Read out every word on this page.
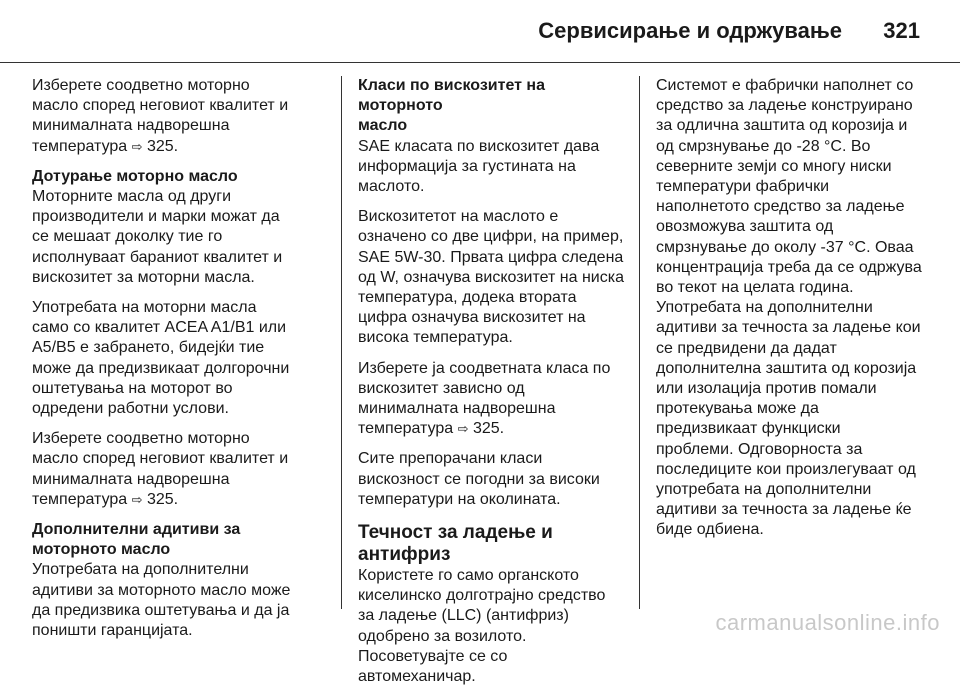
Сервисирање и одржување 321

Изберете соодветно моторно
масло според неговиот квалитет и
минималната надворешна
температура ⇨ 325.

Дотурање моторно масло

Моторните масла од други
производители и марки можат да
се мешаат доколку тие го
исполнуваат бараниот квалитет и
вискозитет за моторни масла.

Употребата на моторни масла
само со квалитет ACEA A1/B1 или
A5/B5 е забрането, бидејќи тие
може да предизвикаат долгорочни
оштетувања на моторот во
одредени работни услови.

Изберете соодветно моторно
масло според неговиот квалитет и
минималната надворешна
температура ⇨ 325.

Дополнителни адитиви за
моторното масло

Употребата на дополнителни
адитиви за моторното масло може
да предизвика оштетувања и да ја
поништи гаранцијата.

Класи по вискозитет на моторното
масло

SAE класата по вискозитет дава
информација за густината на
маслото.

Вискозитетот на маслото е
означено со две цифри, на пример,
SAE 5W-30. Првата цифра следена
од W, означува вискозитет на ниска
температура, додека втората
цифра означува вискозитет на
висока температура.

Изберете ја соодветната класа по
вискозитет зависно од
минималната надворешна
температура ⇨ 325.

Сите препорачани класи
вискозност се погодни за високи
температури на околината.

Течност за ладење и
антифриз

Користете го само органското
киселинско долготрајно средство
за ладење (LLC) (антифриз)
одобрено за возилото.
Посоветувајте се со
автомеханичар.

Системот е фабрички наполнет со
средство за ладење конструирано
за одлична заштита од корозија и
од смрзнување до -28 °C. Во
северните земји со многу ниски
температури фабрички
наполнетото средство за ладење
овозможува заштита од
смрзнување до околу -37 °C. Оваа
концентрација треба да се одржува
во текот на целата година.
Употребата на дополнителни
адитиви за течноста за ладење кои
се предвидени да дадат
дополнителна заштита од корозија
или изолација против помали
протекувања може да
предизвикаат функциски
проблеми. Одговорноста за
последиците кои произлегуваат од
употребата на дополнителни
адитиви за течноста за ладење ќе
биде одбиена.

carmanualsonline.info
